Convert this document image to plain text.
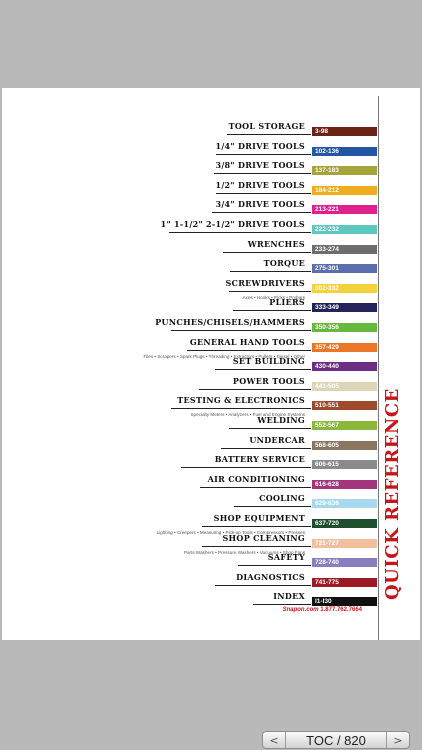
TOOL STORAGE
3-98
1/4" DRIVE TOOLS
102-136
3/8" DRIVE TOOLS
137-183
1/2" DRIVE TOOLS
184-212
3/4" DRIVE TOOLS
213-221
1" 1-1/2" 2-1/2" DRIVE TOOLS
222-232
WRENCHES
233-274
TORQUE
275-301
SCREWDRIVERS
302-332
Axes • Hooks • Picks • Prybars
PLIERS
333-349
PUNCHES/CHISELS/HAMMERS
350-356
GENERAL HAND TOOLS
357-429
Files • Scrapers • Spark Plugs • Threading • Extractors • Pullers • Diesel • Other
SET BUILDING
430-440
POWER TOOLS
441-505
TESTING & ELECTRONICS
510-551
Specialty Meters • Analyzers • Fuel and Engine Systems
WELDING
552-567
UNDERCAR
568-605
BATTERY SERVICE
606-615
AIR CONDITIONING
616-628
COOLING
629-636
SHOP EQUIPMENT
637-720
Lighting • Creepers • Measuring • Pick-up Tools • Compressors • Presses
SHOP CLEANING
721-727
Parts Washers • Pressure Washers • Vacuums • Shop Fans
SAFETY
728-740
DIAGNOSTICS
741-775
INDEX
I1-I30
QUICK REFERENCE
Snapon.com 1.877.762.7664
<	TOC / 820	>
